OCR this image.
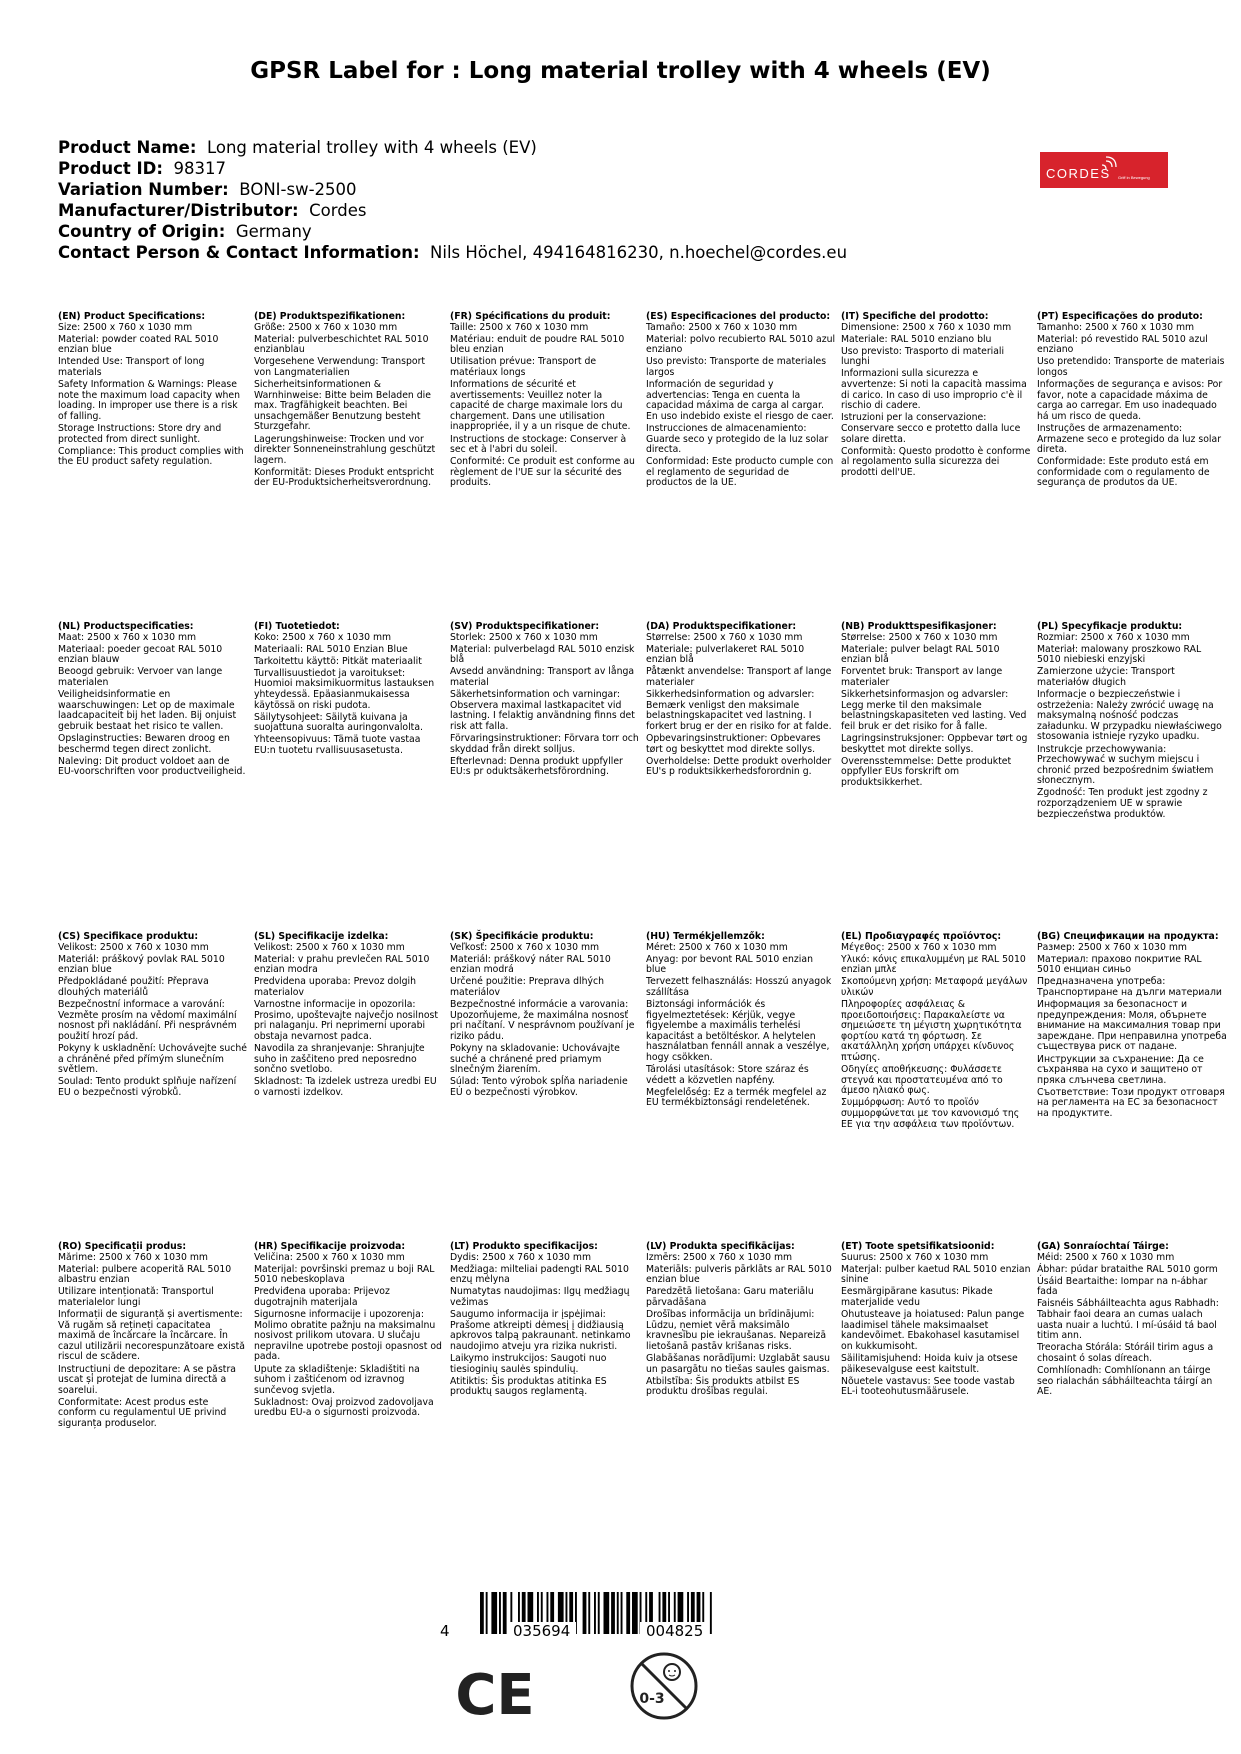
GPSR Label for : Long material trolley with 4 wheels (EV)
Product Name: Long material trolley with 4 wheels (EV)
Product ID: 98317
Variation Number: BONI-sw-2500
Manufacturer/Distributor: Cordes
Country of Origin: Germany
Contact Person & Contact Information: Nils Höchel, 494164816230, n.hoechel@cordes.eu
CORDES Griff in Bewegung
(EN) Product Specifications:

Size: 2500 x 760 x 1030 mm

Material: powder coated RAL 5010 enzian blue

Intended Use: Transport of long materials

Safety Information & Warnings: Please note the maximum load capacity when loading. In improper use there is a risk of falling.

Storage Instructions: Store dry and protected from direct sunlight.

Compliance: This product complies with the EU product safety regulation.

(DE) Produktspezifikationen:

Größe: 2500 x 760 x 1030 mm

Material: pulverbeschichtet RAL 5010 enzianblau

Vorgesehene Verwendung: Transport von Langmaterialien

Sicherheitsinformationen & Warnhinweise: Bitte beim Beladen die max. Tragfähigkeit beachten. Bei unsachgemäßer Benutzung besteht Sturzgefahr.

Lagerungshinweise: Trocken und vor direkter Sonneneinstrahlung geschützt lagern.

Konformität: Dieses Produkt entspricht der EU-Produktsicherheitsverordnung.

(FR) Spécifications du produit:

Taille: 2500 x 760 x 1030 mm

Matériau: enduit de poudre RAL 5010 bleu enzian

Utilisation prévue: Transport de matériaux longs

Informations de sécurité et avertissements: Veuillez noter la capacité de charge maximale lors du chargement. Dans une utilisation inappropriée, il y a un risque de chute.

Instructions de stockage: Conserver à sec et à l'abri du soleil.

Conformité: Ce produit est conforme au règlement de l'UE sur la sécurité des produits.

(ES) Especificaciones del producto:

Tamaño: 2500 x 760 x 1030 mm

Material: polvo recubierto RAL 5010 azul enziano

Uso previsto: Transporte de materiales largos

Información de seguridad y advertencias: Tenga en cuenta la capacidad máxima de carga al cargar. En uso indebido existe el riesgo de caer.

Instrucciones de almacenamiento: Guarde seco y protegido de la luz solar directa.

Conformidad: Este producto cumple con el reglamento de seguridad de productos de la UE.

(IT) Specifiche del prodotto:

Dimensione: 2500 x 760 x 1030 mm

Materiale: RAL 5010 enziano blu

Uso previsto: Trasporto di materiali lunghi

Informazioni sulla sicurezza e avvertenze: Si noti la capacità massima di carico. In caso di uso improprio c'è il rischio di cadere.

Istruzioni per la conservazione: Conservare secco e protetto dalla luce solare diretta.

Conformità: Questo prodotto è conforme al regolamento sulla sicurezza dei prodotti dell'UE.

(PT) Especificações do produto:

Tamanho: 2500 x 760 x 1030 mm

Material: pó revestido RAL 5010 azul enziano

Uso pretendido: Transporte de materiais longos

Informações de segurança e avisos: Por favor, note a capacidade máxima de carga ao carregar. Em uso inadequado há um risco de queda.

Instruções de armazenamento: Armazene seco e protegido da luz solar direta.

Conformidade: Este produto está em conformidade com o regulamento de segurança de produtos da UE.

(NL) Productspecificaties:

Maat: 2500 x 760 x 1030 mm

Materiaal: poeder gecoat RAL 5010 enzian blauw

Beoogd gebruik: Vervoer van lange materialen

Veiligheidsinformatie en waarschuwingen: Let op de maximale laadcapaciteit bij het laden. Bij onjuist gebruik bestaat het risico te vallen.

Opslaginstructies: Bewaren droog en beschermd tegen direct zonlicht.

Naleving: Dit product voldoet aan de EU-voorschriften voor productveiligheid.

(FI) Tuotetiedot:

Koko: 2500 x 760 x 1030 mm

Materiaali: RAL 5010 Enzian Blue

Tarkoitettu käyttö: Pitkät materiaalit

Turvallisuustiedot ja varoitukset: Huomioi maksimikuormitus lastauksen yhteydessä. Epäasianmukaisessa käytössä on riski pudota.

Säilytysohjeet: Säilytä kuivana ja suojattuna suoralta auringonvalolta.

Yhteensopivuus: Tämä tuote vastaa EU:n tuotetu rvallisuusasetusta.

(SV) Produktspecifikationer:

Storlek: 2500 x 760 x 1030 mm

Material: pulverbelagd RAL 5010 enzisk blå

Avsedd användning: Transport av långa material

Säkerhetsinformation och varningar: Observera maximal lastkapacitet vid lastning. I felaktig användning finns det risk att falla.

Förvaringsinstruktioner: Förvara torr och skyddad från direkt solljus.

Efterlevnad: Denna produkt uppfyller EU:s pr oduktsäkerhetsförordning.

(DA) Produktspecifikationer:

Størrelse: 2500 x 760 x 1030 mm

Materiale: pulverlakeret RAL 5010 enzian blå

Påtænkt anvendelse: Transport af lange materialer

Sikkerhedsinformation og advarsler: Bemærk venligst den maksimale belastningskapacitet ved lastning. I forkert brug er der en risiko for at falde.

Opbevaringsinstruktioner: Opbevares tørt og beskyttet mod direkte sollys.

Overholdelse: Dette produkt overholder EU's p roduktsikkerhedsforordnin g.

(NB) Produkttspesifikasjoner:

Størrelse: 2500 x 760 x 1030 mm

Materiale: pulver belagt RAL 5010 enzian blå

Forventet bruk: Transport av lange materialer

Sikkerhetsinformasjon og advarsler: Legg merke til den maksimale belastningskapasiteten ved lasting. Ved feil bruk er det risiko for å falle.

Lagringsinstruksjoner: Oppbevar tørt og beskyttet mot direkte sollys.

Overensstemmelse: Dette produktet oppfyller EUs forskrift om produktsikkerhet.

(PL) Specyfikacje produktu:

Rozmiar: 2500 x 760 x 1030 mm

Materiał: malowany proszkowo RAL 5010 niebieski enzyjski

Zamierzone użycie: Transport materiałów długich

Informacje o bezpieczeństwie i ostrzeżenia: Należy zwrócić uwagę na maksymalną nośność podczas załadunku. W przypadku niewłaściwego stosowania istnieje ryzyko upadku.

Instrukcje przechowywania: Przechowywać w suchym miejscu i chronić przed bezpośrednim światłem słonecznym.

Zgodność: Ten produkt jest zgodny z rozporządzeniem UE w sprawie bezpieczeństwa produktów.

(CS) Specifikace produktu:

Velikost: 2500 x 760 x 1030 mm

Materiál: práškový povlak RAL 5010 enzian blue

Předpokládané použití: Přeprava dlouhých materiálů

Bezpečnostní informace a varování: Vezměte prosím na vědomí maximální nosnost při nakládání. Při nesprávném použití hrozí pád.

Pokyny k uskladnění: Uchovávejte suché a chráněné před přímým slunečním světlem.

Soulad: Tento produkt splňuje nařízení EU o bezpečnosti výrobků.

(SL) Specifikacije izdelka:

Velikost: 2500 x 760 x 1030 mm

Material: v prahu prevlečen RAL 5010 enzian modra

Predvidena uporaba: Prevoz dolgih materialov

Varnostne informacije in opozorila: Prosimo, upoštevajte največjo nosilnost pri nalaganju. Pri neprimerni uporabi obstaja nevarnost padca.

Navodila za shranjevanje: Shranjujte suho in zaščiteno pred neposredno sončno svetlobo.

Skladnost: Ta izdelek ustreza uredbi EU o varnosti izdelkov.

(SK) Špecifikácie produktu:

Veľkosť: 2500 x 760 x 1030 mm

Materiál: práškový náter RAL 5010 enzian modrá

Určené použitie: Preprava dlhých materiálov

Bezpečnostné informácie a varovania: Upozorňujeme, že maximálna nosnosť pri načítaní. V nesprávnom používaní je riziko pádu.

Pokyny na skladovanie: Uchovávajte suché a chránené pred priamym slnečným žiarením.

Súlad: Tento výrobok spĺňa nariadenie EÚ o bezpečnosti výrobkov.

(HU) Termékjellemzők:

Méret: 2500 x 760 x 1030 mm

Anyag: por bevont RAL 5010 enzian blue

Tervezett felhasználás: Hosszú anyagok szállítása

Biztonsági információk és figyelmeztetések: Kérjük, vegye figyelembe a maximális terhelési kapacitást a betöltéskor. A helytelen használatban fennáll annak a veszélye, hogy csökken.

Tárolási utasítások: Store száraz és védett a közvetlen napfény.

Megfelelőség: Ez a termék megfelel az EU termékbiztonsági rendeletének.

(EL) Προδιαγραφές προϊόντος:

Μέγεθος: 2500 x 760 x 1030 mm

Υλικό: κόνις επικαλυμμένη με RAL 5010 enzian μπλε

Σκοπούμενη χρήση: Μεταφορά μεγάλων υλικών

Πληροφορίες ασφάλειας & προειδοποιήσεις: Παρακαλείστε να σημειώσετε τη μέγιστη χωρητικότητα φορτίου κατά τη φόρτωση. Σε ακατάλληλη χρήση υπάρχει κίνδυνος πτώσης.

Οδηγίες αποθήκευσης: Φυλάσσετε στεγνά και προστατευμένα από το άμεσο ηλιακό φως.

Συμμόρφωση: Αυτό το προϊόν συμμορφώνεται με τον κανονισμό της ΕΕ για την ασφάλεια των προϊόντων.

(BG) Спецификации на продукта:

Размер: 2500 x 760 x 1030 mm

Материал: прахово покритие RAL 5010 енциан синьо

Предназначена употреба: Транспортиране на дълги материали

Информация за безопасност и предупреждения: Моля, обърнете внимание на максималния товар при зареждане. При неправилна употреба съществува риск от падане.

Инструкции за съхранение: Да се съхранява на сухо и защитено от пряка слънчева светлина.

Съответствие: Този продукт отговаря на регламента на ЕС за безопасност на продуктите.

(RO) Specificații produs:

Mărime: 2500 x 760 x 1030 mm

Material: pulbere acoperită RAL 5010 albastru enzian

Utilizare intenționată: Transportul materialelor lungi

Informații de siguranță și avertismente: Vă rugăm să rețineți capacitatea maximă de încărcare la încărcare. În cazul utilizării necorespunzătoare există riscul de scădere.

Instrucțiuni de depozitare: A se păstra uscat și protejat de lumina directă a soarelui.

Conformitate: Acest produs este conform cu regulamentul UE privind siguranța produselor.

(HR) Specifikacije proizvoda:

Veličina: 2500 x 760 x 1030 mm

Materijal: površinski premaz u boji RAL 5010 nebeskoplava

Predviđena uporaba: Prijevoz dugotrajnih materijala

Sigurnosne informacije i upozorenja: Molimo obratite pažnju na maksimalnu nosivost prilikom utovara. U slučaju nepravilne upotrebe postoji opasnost od pada.

Upute za skladištenje: Skladištiti na suhom i zaštićenom od izravnog sunčevog svjetla.

Sukladnost: Ovaj proizvod zadovoljava uredbu EU-a o sigurnosti proizvoda.

(LT) Produkto specifikacijos:

Dydis: 2500 x 760 x 1030 mm

Medžiaga: milteliai padengti RAL 5010 enzų mėlyna

Numatytas naudojimas: Ilgų medžiagų vežimas

Saugumo informacija ir įspėjimai: Prašome atkreipti dėmesį į didžiausią apkrovos talpą pakraunant. netinkamo naudojimo atveju yra rizika nukristi.

Laikymo instrukcijos: Saugoti nuo tiesioginių saulės spindulių.

Atitiktis: Šis produktas atitinka ES produktų saugos reglamentą.

(LV) Produkta specifikācijas:

Izmērs: 2500 x 760 x 1030 mm

Materiāls: pulveris pārklāts ar RAL 5010 enzian blue

Paredzētā lietošana: Garu materiālu pārvadāšana

Drošības informācija un brīdinājumi: Lūdzu, ņemiet vērā maksimālo kravnesību pie iekraušanas. Nepareizā lietošanā pastāv krišanas risks.

Glabāšanas norādījumi: Uzglabāt sausu un pasargātu no tiešas saules gaismas.

Atbilstība: Šis produkts atbilst ES produktu drošības regulai.

(ET) Toote spetsifikatsioonid:

Suurus: 2500 x 760 x 1030 mm

Materjal: pulber kaetud RAL 5010 enzian sinine

Eesmärgipärane kasutus: Pikade materjalide vedu

Ohutusteave ja hoiatused: Palun pange laadimisel tähele maksimaalset kandevõimet. Ebakohasel kasutamisel on kukkumisoht.

Säilitamisjuhend: Hoida kuiv ja otsese päikesevalguse eest kaitstult.

Nõuetele vastavus: See toode vastab EL-i tooteohutusmäärusele.

(GA) Sonraíochtaí Táirge:

Méid: 2500 x 760 x 1030 mm

Ábhar: púdar brataithe RAL 5010 gorm

Úsáid Beartaithe: Iompar na n-ábhar fada

Faisnéis Sábháilteachta agus Rabhadh: Tabhair faoi deara an cumas ualach uasta nuair a luchtú. I mí-úsáid tá baol titim ann.

Treoracha Stórála: Stóráil tirim agus a chosaint ó solas díreach.

Comhlíonadh: Comhlíonann an táirge seo rialachán sábháilteachta táirgí an AE.

4	035694	004825
CE	0-3
